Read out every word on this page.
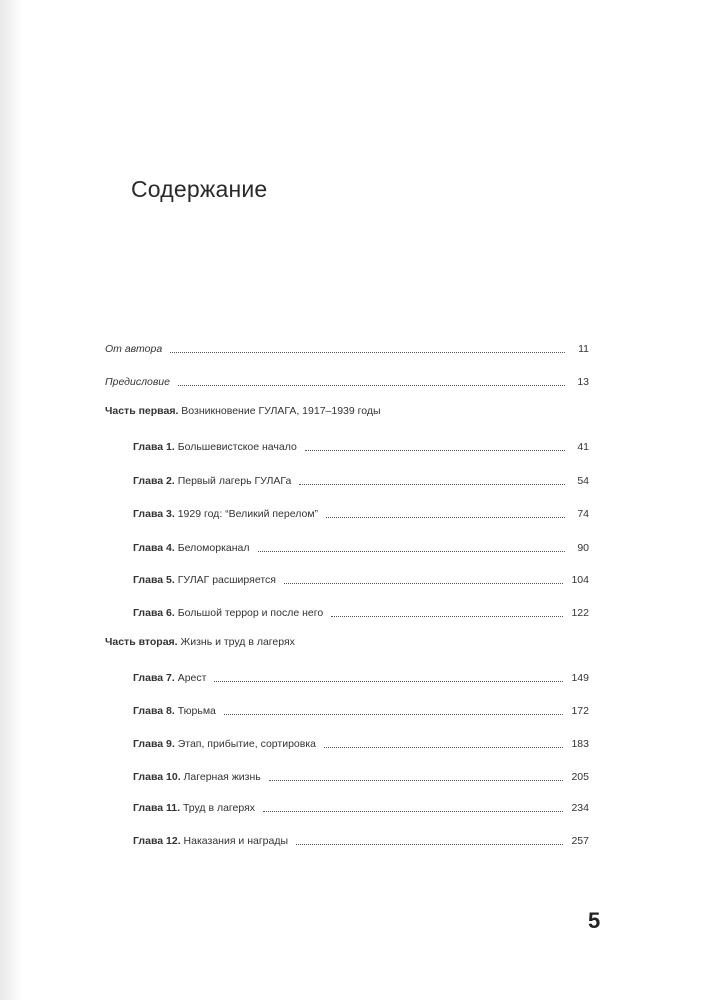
Содержание
От автора	11
Предисловие	13
Часть первая. Возникновение ГУЛАГА, 1917–1939 годы
Глава 1. Большевистское начало	41
Глава 2. Первый лагерь ГУЛАГа	54
Глава 3. 1929 год: “Великий перелом”	74
Глава 4. Беломорканал	90
Глава 5. ГУЛАГ расширяется	104
Глава 6. Большой террор и после него	122
Часть вторая. Жизнь и труд в лагерях
Глава 7. Арест	149
Глава 8. Тюрьма	172
Глава 9. Этап, прибытие, сортировка	183
Глава 10. Лагерная жизнь	205
Глава 11. Труд в лагерях	234
Глава 12. Наказания и награды	257
5
